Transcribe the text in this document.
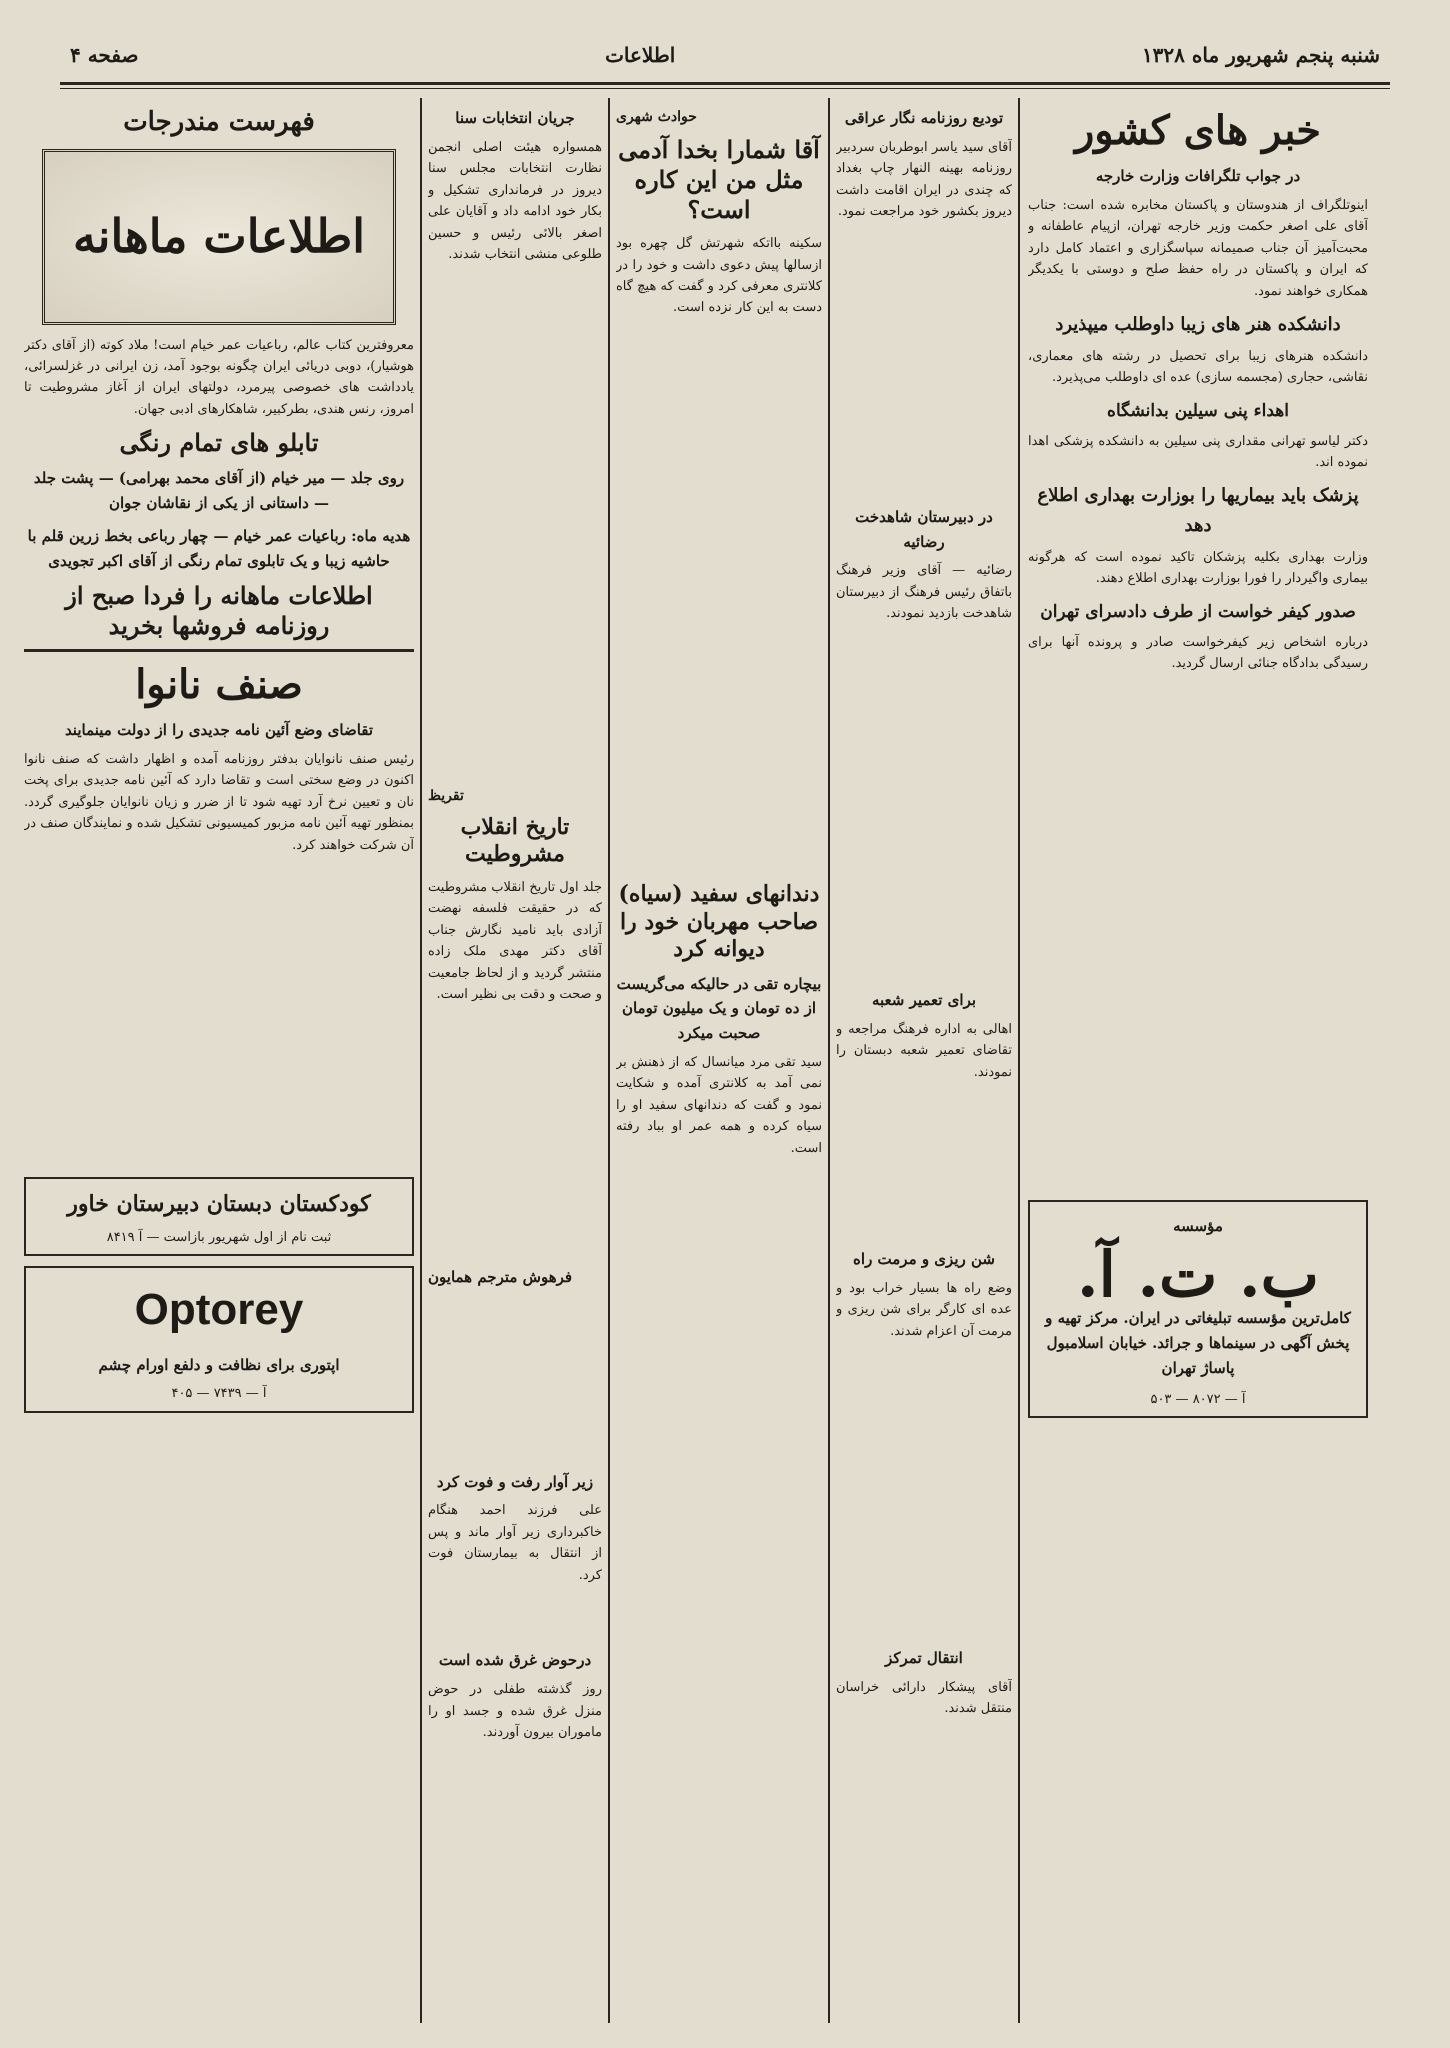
صفحه ۴	اطلاعات	شنبه پنجم شهریور ماه ۱۳۲۸
خبر های کشور
در جواب تلگرافات وزارت خارجه

اینوتلگراف از هندوستان و پاکستان مخابره شده است: جناب آقای علی اصغر حکمت وزیر خارجه تهران، ازپیام عاطفانه و محبت‌آمیز آن جناب صمیمانه سپاسگزاری و اعتماد کامل دارد که ایران و پاکستان در راه حفظ صلح و دوستی با یکدیگر همکاری خواهند نمود.

دانشکده هنر های زیبا داوطلب میپذیرد

دانشکده هنرهای زیبا برای تحصیل در رشته های معماری، نقاشی، حجاری (مجسمه سازی) عده ای داوطلب می‌پذیرد.

اهداء پنی سیلین بدانشگاه

دکتر لیاسو تهرانی مقداری پنی سیلین به دانشکده پزشکی اهدا نموده اند.

پزشک باید بیماریها را بوزارت بهداری اطلاع دهد

وزارت بهداری بکلیه پزشکان تاکید نموده است که هرگونه بیماری واگیردار را فورا بوزارت بهداری اطلاع دهند.

صدور کیفر خواست از طرف دادسرای تهران

درباره اشخاص زیر کیفرخواست صادر و پرونده آنها برای رسیدگی بدادگاه جنائی ارسال گردید.

مؤسسه
ب. ت. آ.

کامل‌ترین مؤسسه تبلیغاتی در ایران. مرکز تهیه و پخش آگهی در سینماها و جرائد. خیابان اسلامبول پاساژ تهران

آ — ۸۰۷۲ — ۵۰۳
تودیع روزنامه نگار عراقی

آقای سید یاسر ابوطربان سردبیر روزنامه بهینه النهار چاپ بغداد که چندی در ایران اقامت داشت دیروز بکشور خود مراجعت نمود.

در دبیرستان شاهدخت رضائیه

رضائیه — آقای وزیر فرهنگ باتفاق رئیس فرهنگ از دبیرستان شاهدخت بازدید نمودند.

برای تعمیر شعبه

اهالی به اداره فرهنگ مراجعه و تقاضای تعمیر شعبه دبستان را نمودند.

شن ریزی و مرمت راه

وضع راه ها بسیار خراب بود و عده ای کارگر برای شن ریزی و مرمت آن اعزام شدند.

انتقال تمرکز

آقای پیشکار دارائی خراسان منتقل شدند.

حوادث شهری
آقا شمارا بخدا آدمی مثل من این کاره است؟

سکینه بااتکه شهرتش گل چهره بود ازسالها پیش دعوی داشت و خود را در کلانتری معرفی کرد و گفت که هیچ گاه دست به این کار نزده است.

دندانهای سفید (سیاه) صاحب مهربان خود را دیوانه کرد
بیچاره تقی در حالیکه می‌گریست از ده تومان و یک میلیون تومان صحبت میکرد

سید تقی مرد میانسال که از ذهنش بر نمی آمد به کلانتری آمده و شکایت نمود و گفت که دندانهای سفید او را سیاه کرده و همه عمر او بباد رفته است.

جریان انتخابات سنا

همسواره هیئت اصلی انجمن نظارت انتخابات مجلس سنا دیروز در فرمانداری تشکیل و بکار خود ادامه داد و آقایان علی اصغر بالائی رئیس و حسین طلوعی منشی انتخاب شدند.

تقریظ
تاریخ انقلاب مشروطیت

جلد اول تاریخ انقلاب مشروطیت که در حقیقت فلسفه نهضت آزادی باید نامید نگارش جناب آقای دکتر مهدی ملک زاده منتشر گردید و از لحاظ جامعیت و صحت و دقت بی نظیر است.

فرهوش مترجم همایون
زیر آوار رفت و فوت کرد

علی فرزند احمد هنگام خاکبرداری زیر آوار ماند و پس از انتقال به بیمارستان فوت کرد.

درحوض غرق شده است

روز گذشته طفلی در حوض منزل غرق شده و جسد او را ماموران بیرون آوردند.

فهرست مندرجات
اطلاعات ماهانه

معروفترین کتاب عالم، رباعیات عمر خیام است! ملاد کوته (از آقای دکتر هوشیار)، دوبی دریائی ایران چگونه بوجود آمد، زن ایرانی در غزلسرائی، یادداشت های خصوصی پیرمرد، دولتهای ایران از آغاز مشروطیت تا امروز، رنس هندی، بطرکبیر، شاهکارهای ادبی جهان.

تابلو های تمام رنگی

روی جلد — میر خیام (از آقای محمد بهرامی) — پشت جلد — داستانی از یکی از نقاشان جوان

هدیه ماه: رباعیات عمر خیام — چهار رباعی بخط زرین قلم با حاشیه زیبا و یک تابلوی تمام رنگی از آقای اکبر تجویدی

اطلاعات ماهانه را فردا صبح از روزنامه فروشها بخرید
صنف نانوا
تقاضای وضع آئین نامه جدیدی را از دولت مینمایند

رئیس صنف نانوایان بدفتر روزنامه آمده و اظهار داشت که صنف نانوا اکنون در وضع سختی است و تقاضا دارد که آئین نامه جدیدی برای پخت نان و تعیین نرخ آرد تهیه شود تا از ضرر و زیان نانوایان جلوگیری گردد. بمنظور تهیه آئین نامه مزبور کمیسیونی تشکیل شده و نمایندگان صنف در آن شرکت خواهند کرد.

کودکستان دبستان دبیرستان خاور
ثبت نام از اول شهریور بازاست — آ ۸۴۱۹
Optorey
اپتوری برای نظافت و دلفع اورام چشم
آ — ۷۴۳۹ — ۴۰۵
